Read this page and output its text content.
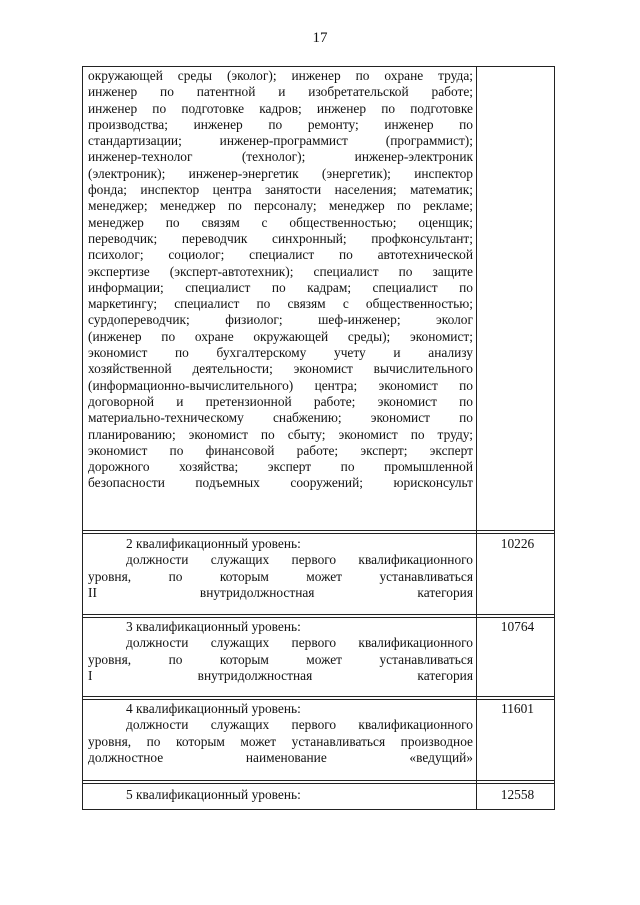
17
окружающей среды (эколог); инженер по охране труда;
инженер по патентной и изобретательской работе;
инженер по подготовке кадров; инженер по подготовке
производства; инженер по ремонту; инженер по
стандартизации; инженер-программист (программист);
инженер-технолог (технолог); инженер-электроник
(электроник); инженер-энергетик (энергетик); инспектор
фонда; инспектор центра занятости населения; математик;
менеджер; менеджер по персоналу; менеджер по рекламе;
менеджер по связям с общественностью; оценщик;
переводчик; переводчик синхронный; профконсультант;
психолог; социолог; специалист по автотехнической
экспертизе (эксперт-автотехник); специалист по защите
информации; специалист по кадрам; специалист по
маркетингу; специалист по связям с общественностью;
сурдопереводчик; физиолог; шеф-инженер; эколог
(инженер по охране окружающей среды); экономист;
экономист по бухгалтерскому учету и анализу
хозяйственной деятельности; экономист вычислительного
(информационно-вычислительного) центра; экономист по
договорной и претензионной работе; экономист по
материально-техническому снабжению; экономист по
планированию; экономист по сбыту; экономист по труду;
экономист по финансовой работе; эксперт; эксперт
дорожного хозяйства; эксперт по промышленной
безопасности подъемных сооружений; юрисконсульт
2 квалификационный уровень:
должности служащих первого квалификационного
уровня, по которым может устанавливаться
II внутридолжностная категория
10226
3 квалификационный уровень:
должности служащих первого квалификационного
уровня, по которым может устанавливаться
I внутридолжностная категория
10764
4 квалификационный уровень:
должности служащих первого квалификационного
уровня, по которым может устанавливаться производное
должностное наименование «ведущий»
11601
5 квалификационный уровень:	12558
